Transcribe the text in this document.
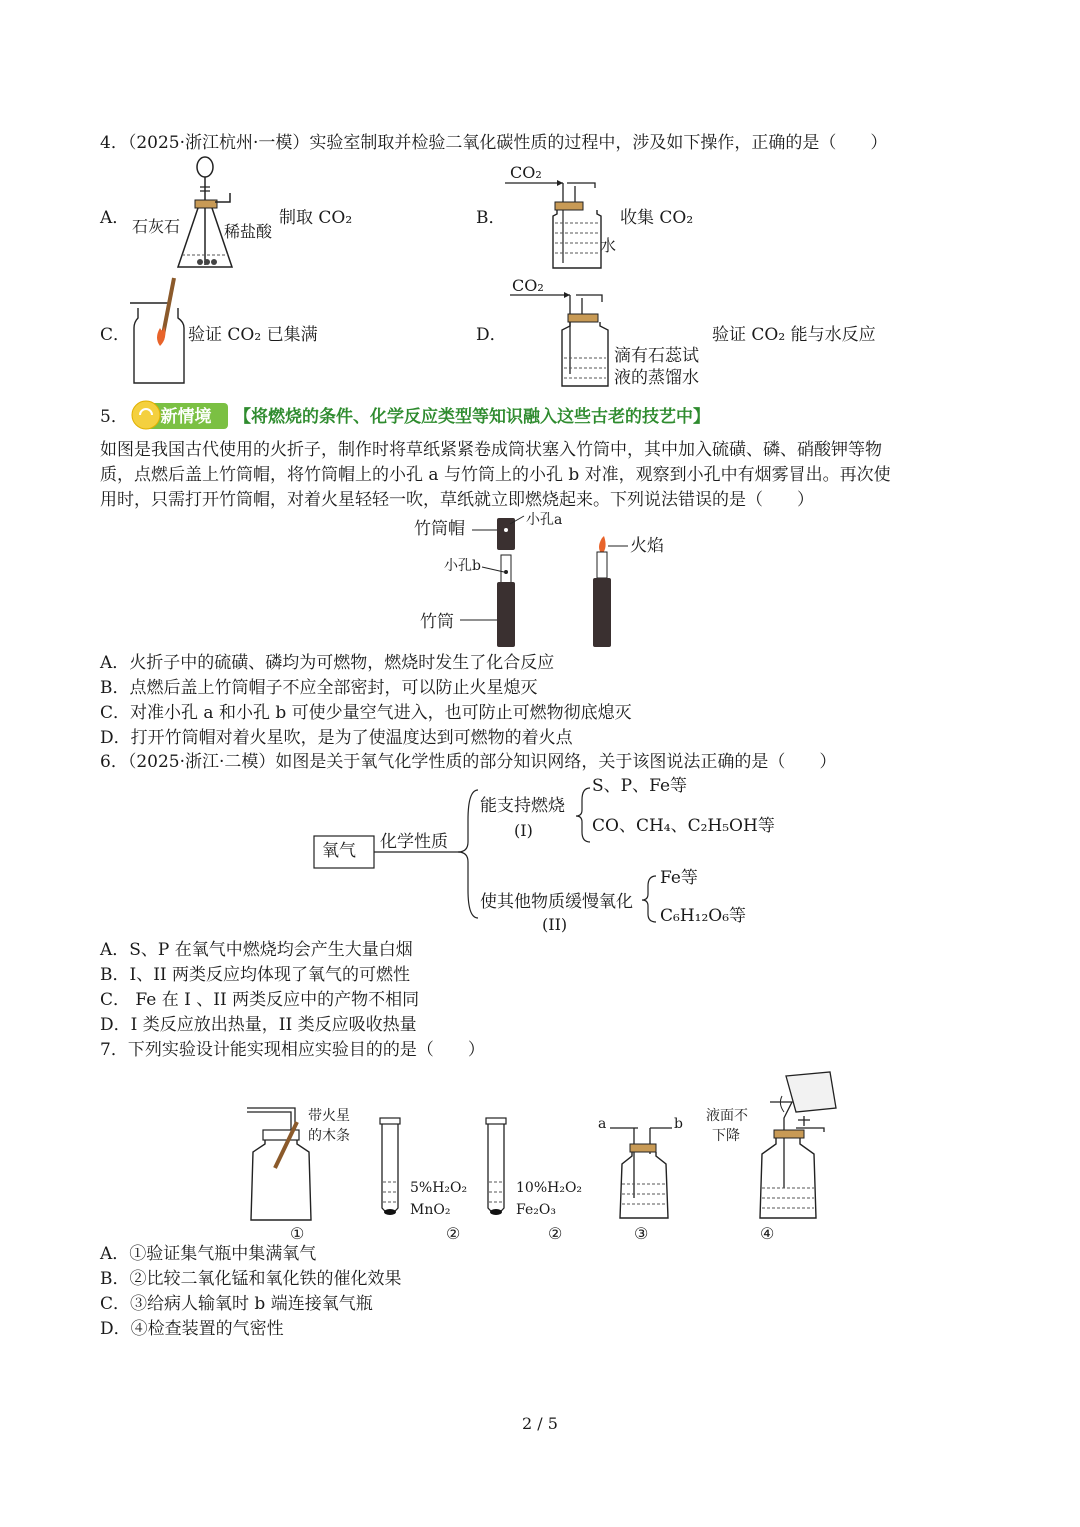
4．（2025·浙江杭州·一模）实验室制取并检验二氧化碳性质的过程中，涉及如下操作，正确的是（　　）
A． 石灰石	稀盐酸
制取 CO₂	B．
CO₂
水
收集 CO₂
C．	验证 CO₂ 已集满	D．
CO₂
滴有石蕊试
液的蒸馏水
验证 CO₂ 能与水反应
5． 新情境 【将燃烧的条件、化学反应类型等知识融入这些古老的技艺中】
如图是我国古代使用的火折子，制作时将草纸紧紧卷成筒状塞入竹筒中，其中加入硫磺、磷、硝酸钾等物
质，点燃后盖上竹筒帽，将竹筒帽上的小孔 a 与竹筒上的小孔 b 对准，观察到小孔中有烟雾冒出。再次使
用时，只需打开竹筒帽，对着火星轻轻一吹，草纸就立即燃烧起来。下列说法错误的是（　　）
竹筒帽	小孔a
小孔b
竹筒
火焰
A．火折子中的硫磺、磷均为可燃物，燃烧时发生了化合反应
B．点燃后盖上竹筒帽子不应全部密封，可以防止火星熄灭
C．对准小孔 a 和小孔 b 可使少量空气进入，也可防止可燃物彻底熄灭
D．打开竹筒帽对着火星吹，是为了使温度达到可燃物的着火点
6．（2025·浙江·二模）如图是关于氧气化学性质的部分知识网络，关于该图说法正确的是（　　）
氧气 化学性质
能支持燃烧
(I)
S、P、Fe等
CO、CH₄、C₂H₅OH等
使其他物质缓慢氧化
(II)
Fe等
C₆H₁₂O₆等
A．S、P 在氧气中燃烧均会产生大量白烟
B．I、II 两类反应均体现了氧气的可燃性
C． Fe 在 I 、II 两类反应中的产物不相同
D．I 类反应放出热量，II 类反应吸收热量
7．下列实验设计能实现相应实验目的的是（　　）
带火星
的木条
①
5%H₂O₂
MnO₂
②
10%H₂O₂
Fe₂O₃
②
a	b
③
液面不
下降
④
A．①验证集气瓶中集满氧气
B．②比较二氧化锰和氧化铁的催化效果
C．③给病人输氧时 b 端连接氧气瓶
D．④检查装置的气密性
2 / 5
